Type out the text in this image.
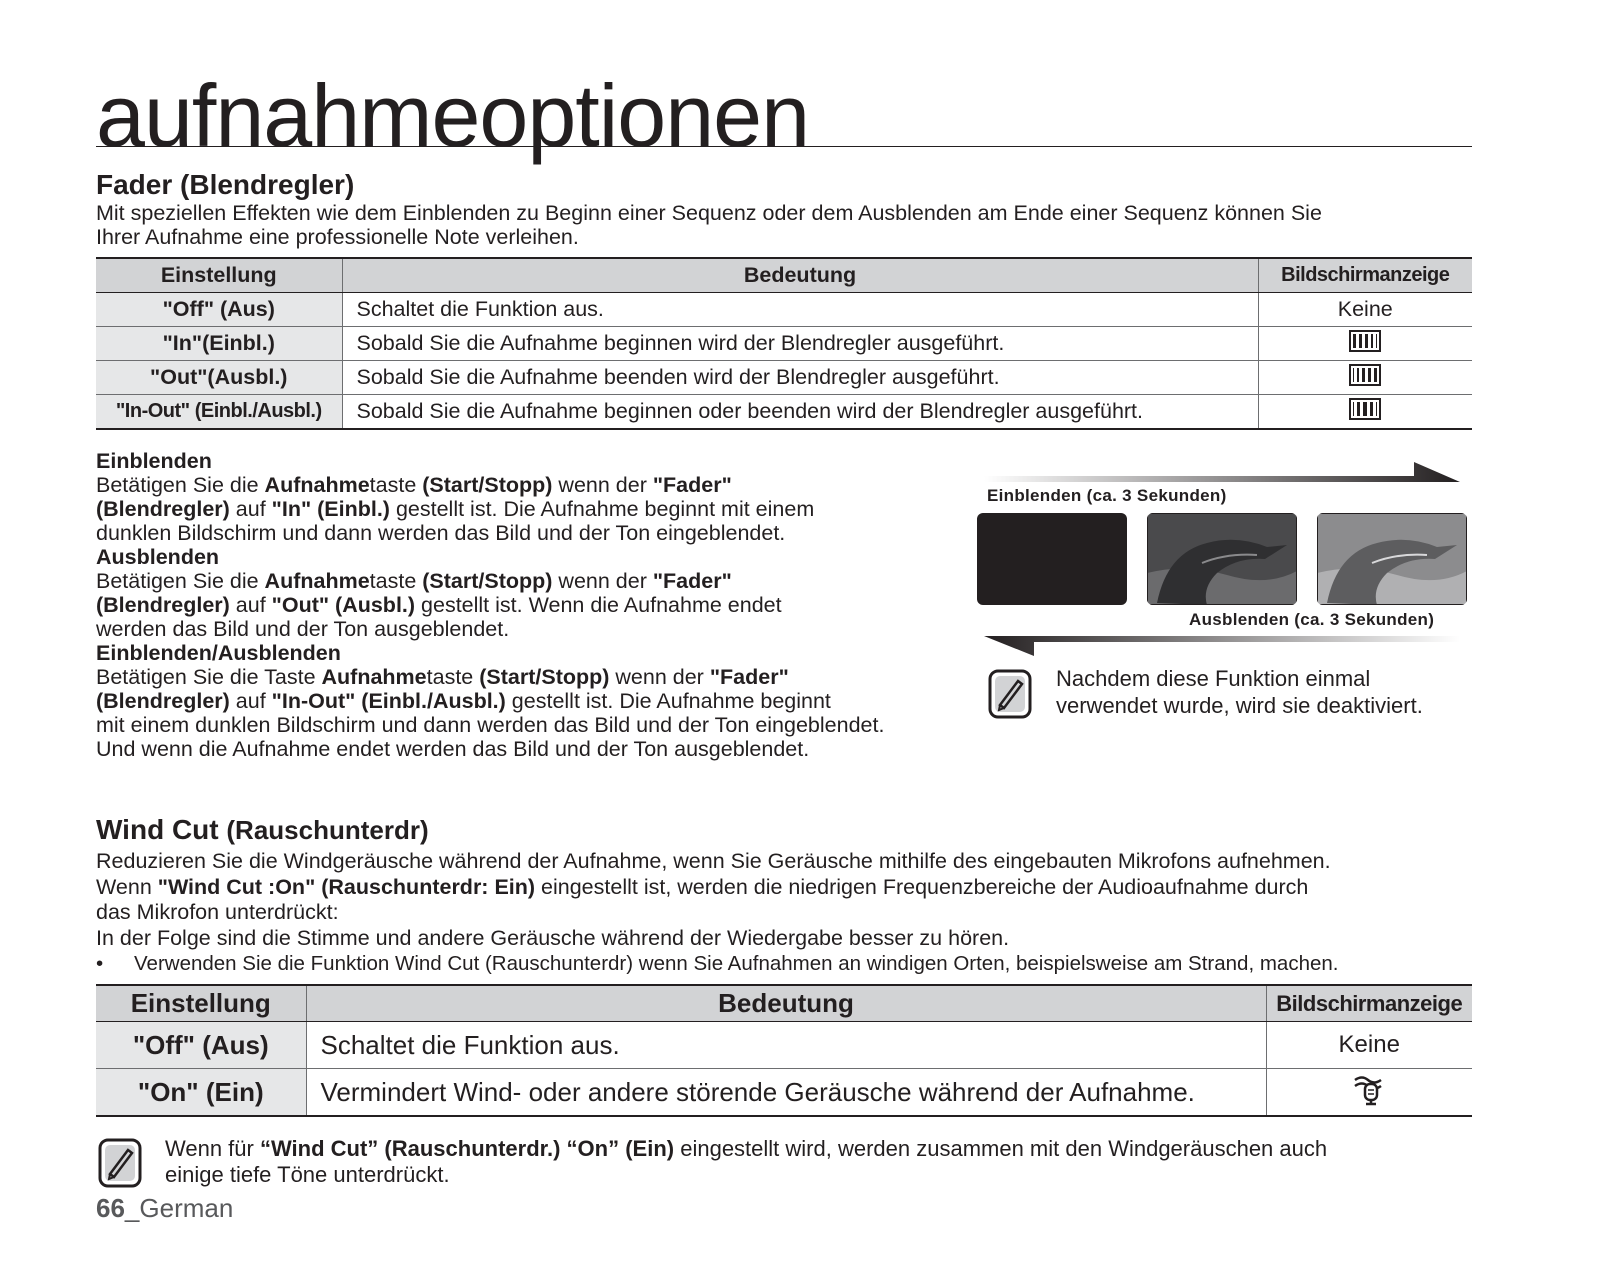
aufnahmeoptionen
Fader (Blendregler)
Mit speziellen Effekten wie dem Einblenden zu Beginn einer Sequenz oder dem Ausblenden am Ende einer Sequenz können Sie
Ihrer Aufnahme eine professionelle Note verleihen.
Einstellung	Bedeutung	Bildschirmanzeige
"Off" (Aus)	Schaltet die Funktion aus.	Keine
"In"(Einbl.)	Sobald Sie die Aufnahme beginnen wird der Blendregler ausgeführt.	
"Out"(Ausbl.)	Sobald Sie die Aufnahme beenden wird der Blendregler ausgeführt.	
"In-Out" (Einbl./Ausbl.)	Sobald Sie die Aufnahme beginnen oder beenden wird der Blendregler ausgeführt.	
Einblenden
Betätigen Sie die Aufnahmetaste (Start/Stopp) wenn der "Fader"
(Blendregler) auf "In" (Einbl.) gestellt ist. Die Aufnahme beginnt mit einem
dunklen Bildschirm und dann werden das Bild und der Ton eingeblendet.
Ausblenden
Betätigen Sie die Aufnahmetaste (Start/Stopp) wenn der "Fader"
(Blendregler) auf "Out" (Ausbl.) gestellt ist. Wenn die Aufnahme endet
werden das Bild und der Ton ausgeblendet.
Einblenden/Ausblenden
Betätigen Sie die Taste Aufnahmetaste (Start/Stopp) wenn der "Fader"
(Blendregler) auf "In-Out" (Einbl./Ausbl.) gestellt ist. Die Aufnahme beginnt
mit einem dunklen Bildschirm und dann werden das Bild und der Ton eingeblendet.
Und wenn die Aufnahme endet werden das Bild und der Ton ausgeblendet.
Einblenden (ca. 3 Sekunden)
Ausblenden (ca. 3 Sekunden)
Nachdem diese Funktion einmal
verwendet wurde, wird sie deaktiviert.
Wind Cut (Rauschunterdr)
Reduzieren Sie die Windgeräusche während der Aufnahme, wenn Sie Geräusche mithilfe des eingebauten Mikrofons aufnehmen.
Wenn "Wind Cut :On" (Rauschunterdr: Ein) eingestellt ist, werden die niedrigen Frequenzbereiche der Audioaufnahme durch
das Mikrofon unterdrückt:
In der Folge sind die Stimme und andere Geräusche während der Wiedergabe besser zu hören.
• Verwenden Sie die Funktion Wind Cut (Rauschunterdr) wenn Sie Aufnahmen an windigen Orten, beispielsweise am Strand, machen.
Einstellung	Bedeutung	Bildschirmanzeige
"Off" (Aus)	Schaltet die Funktion aus.	Keine
"On" (Ein)	Vermindert Wind- oder andere störende Geräusche während der Aufnahme.	
Wenn für “Wind Cut” (Rauschunterdr.) “On” (Ein) eingestellt wird, werden zusammen mit den Windgeräuschen auch
einige tiefe Töne unterdrückt.
66_German
